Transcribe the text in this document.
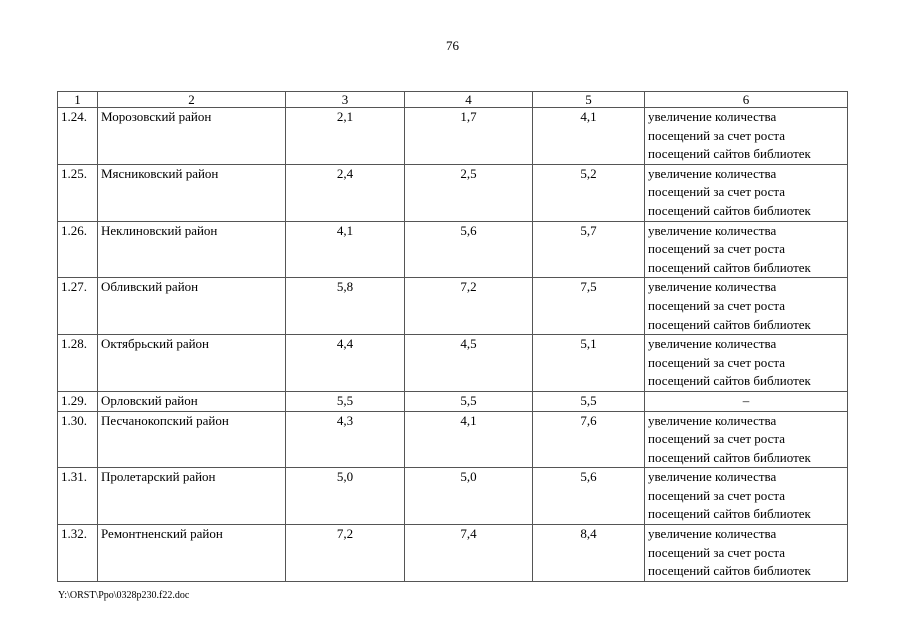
76
1	2	3	4	5	6
1.24.	Морозовский район	2,1	1,7	4,1	увеличение количества
посещений за счет роста
посещений сайтов библиотек

1.25.	Мясниковский район	2,4	2,5	5,2	увеличение количества
посещений за счет роста
посещений сайтов библиотек

1.26.	Неклиновский район	4,1	5,6	5,7	увеличение количества
посещений за счет роста
посещений сайтов библиотек

1.27.	Обливский район	5,8	7,2	7,5	увеличение количества
посещений за счет роста
посещений сайтов библиотек

1.28.	Октябрьский район	4,4	4,5	5,1	увеличение количества
посещений за счет роста
посещений сайтов библиотек

1.29.	Орловский район	5,5	5,5	5,5	–

1.30.	Песчанокопский район	4,3	4,1	7,6	увеличение количества
посещений за счет роста
посещений сайтов библиотек

1.31.	Пролетарский район	5,0	5,0	5,6	увеличение количества
посещений за счет роста
посещений сайтов библиотек

1.32.	Ремонтненский район	7,2	7,4	8,4	увеличение количества
посещений за счет роста
посещений сайтов библиотек
Y:\ORST\Ppo\0328p230.f22.doc
